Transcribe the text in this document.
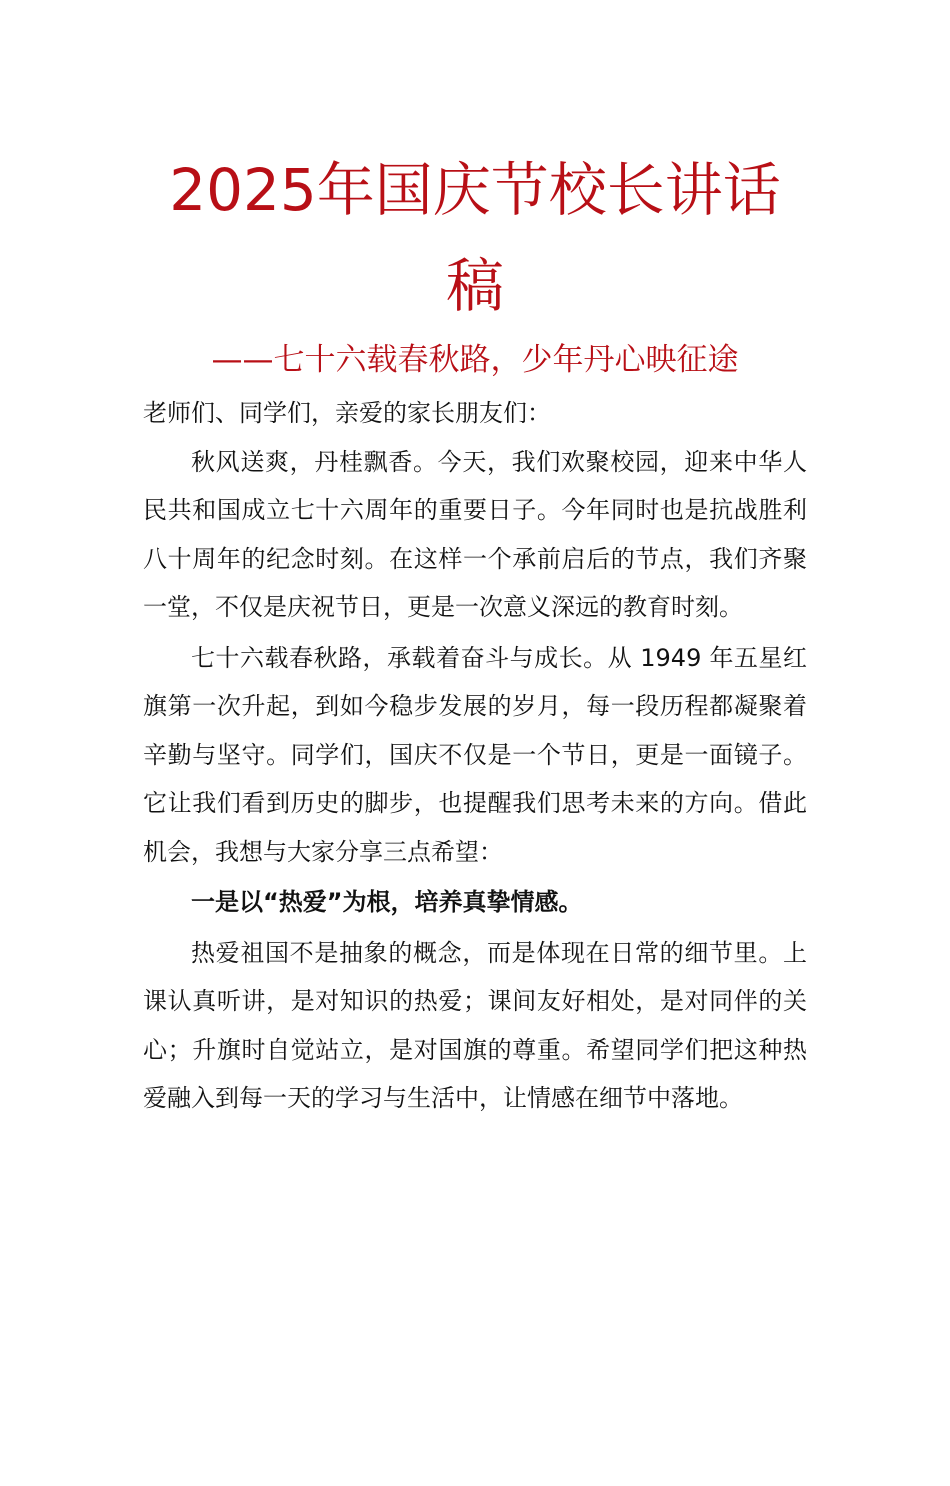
2025年国庆节校长讲话稿
——七十六载春秋路，少年丹心映征途

老师们、同学们，亲爱的家长朋友们：

秋风送爽，丹桂飘香。今天，我们欢聚校园，迎来中华人民共和国成立七十六周年的重要日子。今年同时也是抗战胜利八十周年的纪念时刻。在这样一个承前启后的节点，我们齐聚一堂，不仅是庆祝节日，更是一次意义深远的教育时刻。

七十六载春秋路，承载着奋斗与成长。从 1949 年五星红旗第一次升起，到如今稳步发展的岁月，每一段历程都凝聚着辛勤与坚守。同学们，国庆不仅是一个节日，更是一面镜子。它让我们看到历史的脚步，也提醒我们思考未来的方向。借此机会，我想与大家分享三点希望：

一是以“热爱”为根，培养真挚情感。

热爱祖国不是抽象的概念，而是体现在日常的细节里。上课认真听讲，是对知识的热爱；课间友好相处，是对同伴的关心；升旗时自觉站立，是对国旗的尊重。希望同学们把这种热爱融入到每一天的学习与生活中，让情感在细节中落地。
